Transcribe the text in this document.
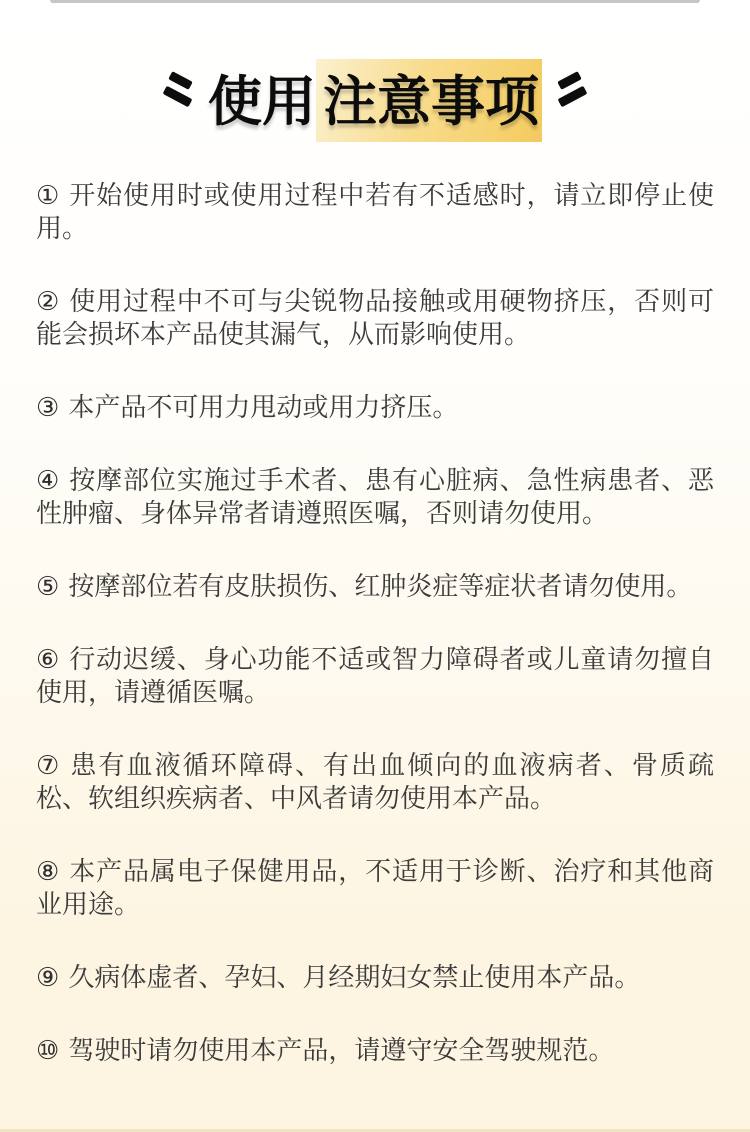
使用 注意事项

① 开始使用时或使用过程中若有不适感时，请立即停止使用。

② 使用过程中不可与尖锐物品接触或用硬物挤压，否则可能会损坏本产品使其漏气，从而影响使用。

③ 本产品不可用力甩动或用力挤压。

④ 按摩部位实施过手术者、患有心脏病、急性病患者、恶性肿瘤、身体异常者请遵照医嘱，否则请勿使用。

⑤ 按摩部位若有皮肤损伤、红肿炎症等症状者请勿使用。

⑥ 行动迟缓、身心功能不适或智力障碍者或儿童请勿擅自使用，请遵循医嘱。

⑦ 患有血液循环障碍、有出血倾向的血液病者、骨质疏松、软组织疾病者、中风者请勿使用本产品。

⑧ 本产品属电子保健用品，不适用于诊断、治疗和其他商业用途。

⑨ 久病体虚者、孕妇、月经期妇女禁止使用本产品。

⑩ 驾驶时请勿使用本产品，请遵守安全驾驶规范。
